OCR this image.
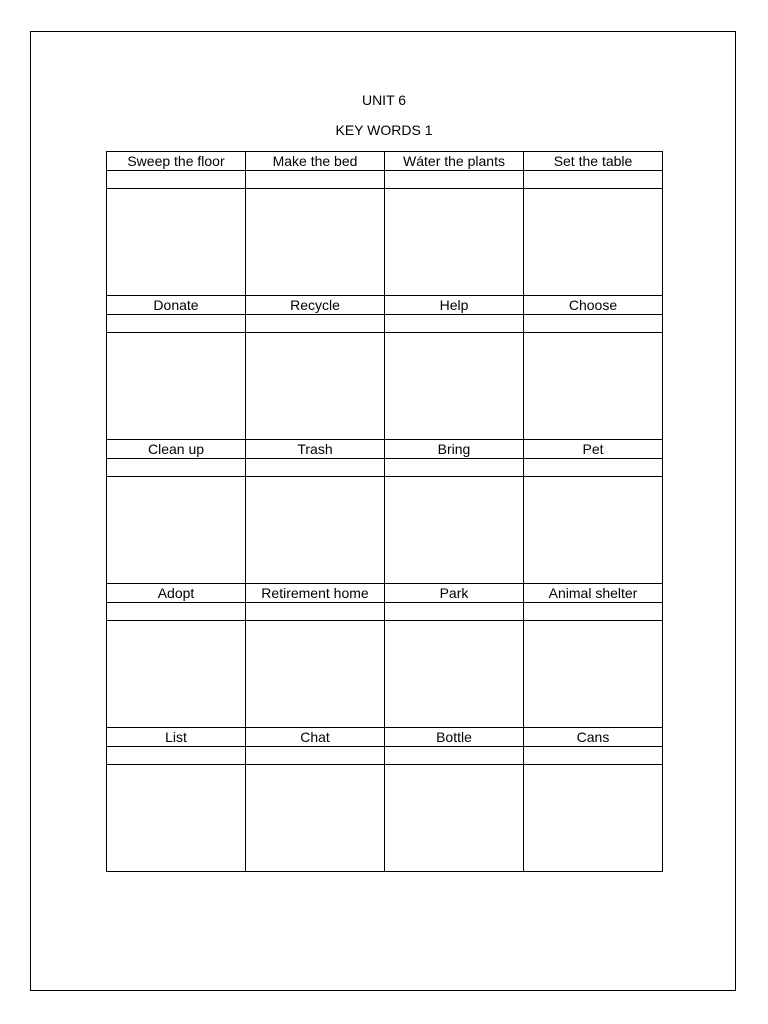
UNIT 6
KEY WORDS 1
Sweep the floor	Make the bed	Wáter the plants	Set the table

Donate	Recycle	Help	Choose

Clean up	Trash	Bring	Pet

Adopt	Retirement home	Park	Animal shelter

List	Chat	Bottle	Cans
